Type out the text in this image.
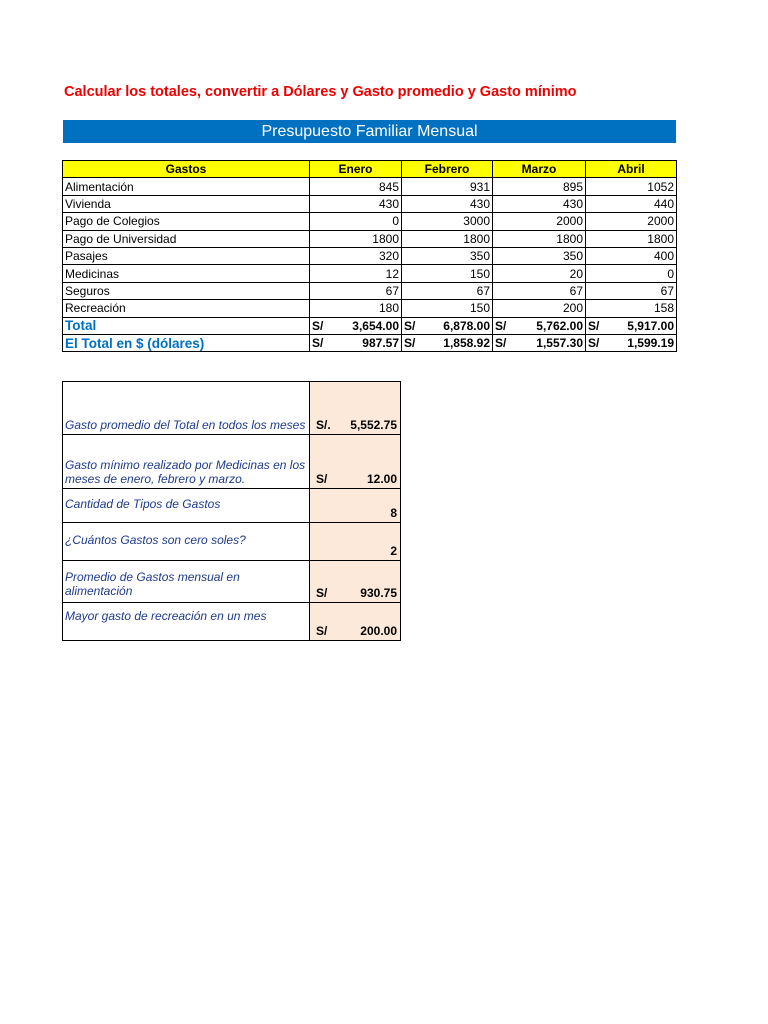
Calcular los totales, convertir a Dólares y Gasto promedio y Gasto mínimo
Presupuesto Familiar Mensual
Gastos	Enero	Febrero	Marzo	Abril
Alimentación	845	931	895	1052
Vivienda	430	430	430	440
Pago de Colegios	0	3000	2000	2000
Pago de Universidad	1800	1800	1800	1800
Pasajes	320	350	350	400
Medicinas	12	150	20	0
Seguros	67	67	67	67
Recreación	180	150	200	158
Total	S/ 3,654.00	S/ 6,878.00	S/ 5,762.00	S/ 5,917.00

El Total en $ (dólares)	S/ 987.57	S/ 1,858.92	S/ 1,557.30	S/ 1,599.19
Gasto promedio del Total en todos los meses	S/. 5,552.75

Gasto mínimo realizado por Medicinas en los meses de enero, febrero y marzo.	S/ 12.00

Cantidad de Tipos de Gastos	8

¿Cuántos Gastos son cero soles?	2

Promedio de Gastos mensual en alimentación	S/ 930.75

Mayor gasto de recreación en un mes	S/ 200.00
